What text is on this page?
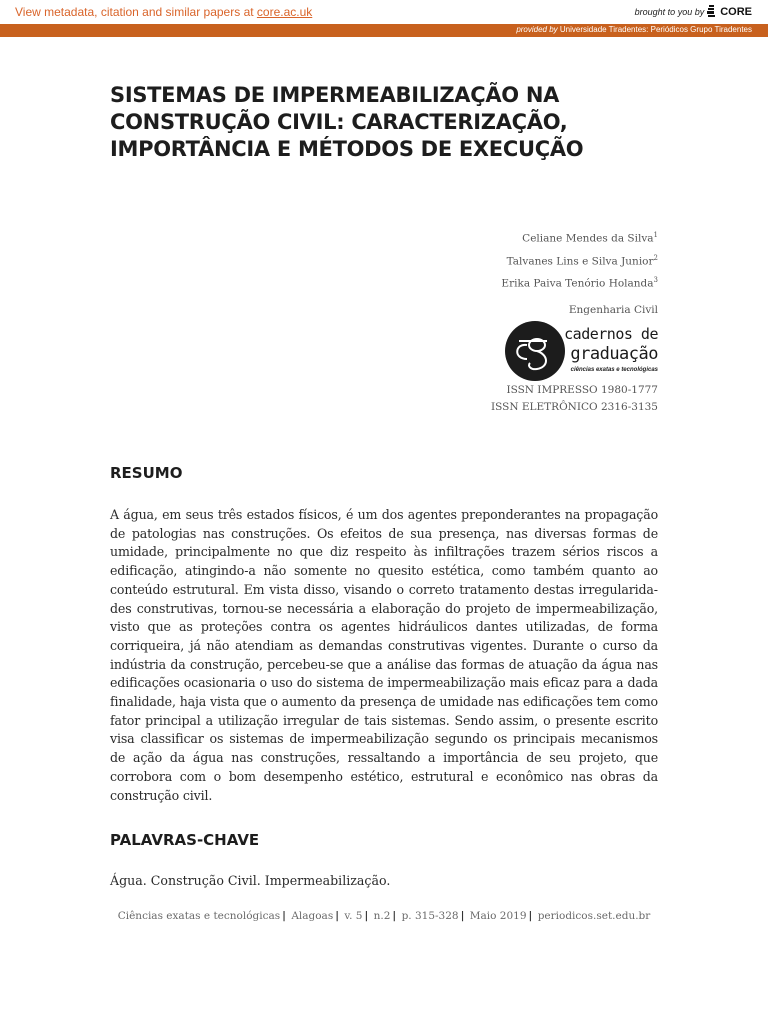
View metadata, citation and similar papers at core.ac.uk	brought to you by CORE
provided by Universidade Tiradentes: Periódicos Grupo Tiradentes
SISTEMAS DE IMPERMEABILIZAÇÃO NA
CONSTRUÇÃO CIVIL: CARACTERIZAÇÃO,
IMPORTÂNCIA E MÉTODOS DE EXECUÇÃO
Celiane Mendes da Silva$^1$
Talvanes Lins e Silva Junior$^2$
Erika Paiva Tenório Holanda$^3$
Engenharia Civil
cadernos de
graduação
ciências exatas e tecnológicas
ISSN IMPRESSO 1980-1777
ISSN ELETRÔNICO 2316-3135
RESUMO

A água, em seus três estados físicos, é um dos agentes preponderantes na propagação de patologias nas construções. Os efeitos de sua presença, nas diversas formas de umidade, principalmente no que diz respeito às infiltrações trazem sérios riscos a edificação, atingindo-a não somente no quesito estética, como também quanto ao conteúdo estrutural. Em vista disso, visando o correto tratamento destas irregularidades construtivas, tornou-se necessária a elaboração do projeto de impermeabilização, visto que as proteções contra os agentes hidráulicos dantes utilizadas, de forma corriqueira, já não atendiam as demandas construtivas vigentes. Durante o curso da indústria da construção, percebeu-se que a análise das formas de atuação da água nas edificações ocasionaria o uso do sistema de impermeabilização mais eficaz para a dada finalidade, haja vista que o aumento da presença de umidade nas edificações tem como fator principal a utilização irregular de tais sistemas. Sendo assim, o presente escrito visa classificar os sistemas de impermeabilização segundo os principais mecanismos de ação da água nas construções, ressaltando a importância de seu projeto, que corrobora com o bom desempenho estético, estrutural e econômico nas obras da construção civil.

PALAVRAS-CHAVE

Água. Construção Civil. Impermeabilização.

Ciências exatas e tecnológicas | Alagoas | v. 5 | n.2 | p. 315-328 | Maio 2019 | periodicos.set.edu.br
